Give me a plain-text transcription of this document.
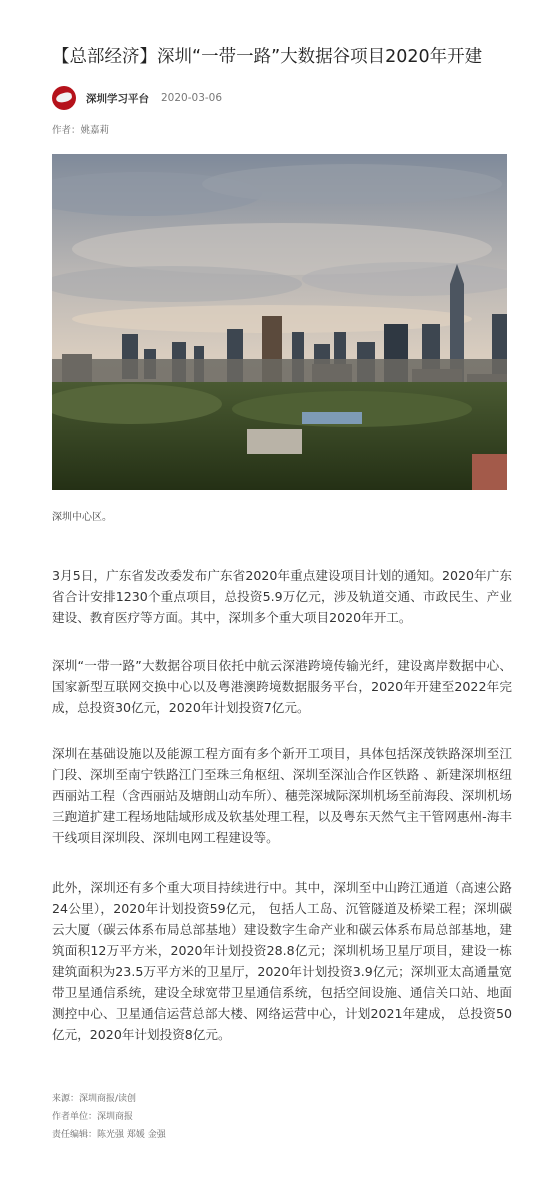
【总部经济】深圳“一带一路”大数据谷项目2020年开建
深圳学习平台 2020-03-06
作者：姚嘉莉
深圳中心区。

3月5日，广东省发改委发布广东省2020年重点建设项目计划的通知。2020年广东省合计安排1230个重点项目，总投资5.9万亿元，涉及轨道交通、市政民生、产业建设、教育医疗等方面。其中，深圳多个重大项目2020年开工。

深圳“一带一路”大数据谷项目依托中航云深港跨境传输光纤，建设离岸数据中心、国家新型互联网交换中心以及粤港澳跨境数据服务平台，2020年开建至2022年完成，总投资30亿元，2020年计划投资7亿元。

深圳在基础设施以及能源工程方面有多个新开工项目，具体包括深茂铁路深圳至江门段、深圳至南宁铁路江门至珠三角枢纽、深圳至深汕合作区铁路 、新建深圳枢纽西丽站工程（含西丽站及塘朗山动车所）、穗莞深城际深圳机场至前海段、深圳机场三跑道扩建工程场地陆域形成及软基处理工程，以及粤东天然气主干管网惠州-海丰干线项目深圳段、深圳电网工程建设等。

此外，深圳还有多个重大项目持续进行中。其中，深圳至中山跨江通道（高速公路24公里），2020年计划投资59亿元， 包括人工岛、沉管隧道及桥梁工程；深圳碳云大厦（碳云体系布局总部基地）建设数字生命产业和碳云体系布局总部基地，建筑面积12万平方米，2020年计划投资28.8亿元；深圳机场卫星厅项目，建设一栋建筑面积为23.5万平方米的卫星厅，2020年计划投资3.9亿元；深圳亚太高通量宽带卫星通信系统，建设全球宽带卫星通信系统，包括空间设施、通信关口站、地面测控中心、卫星通信运营总部大楼、网络运营中心，计划2021年建成， 总投资50亿元，2020年计划投资8亿元。

来源：深圳商报/读创
作者单位：深圳商报
责任编辑：陈光强 郑媛 金强
